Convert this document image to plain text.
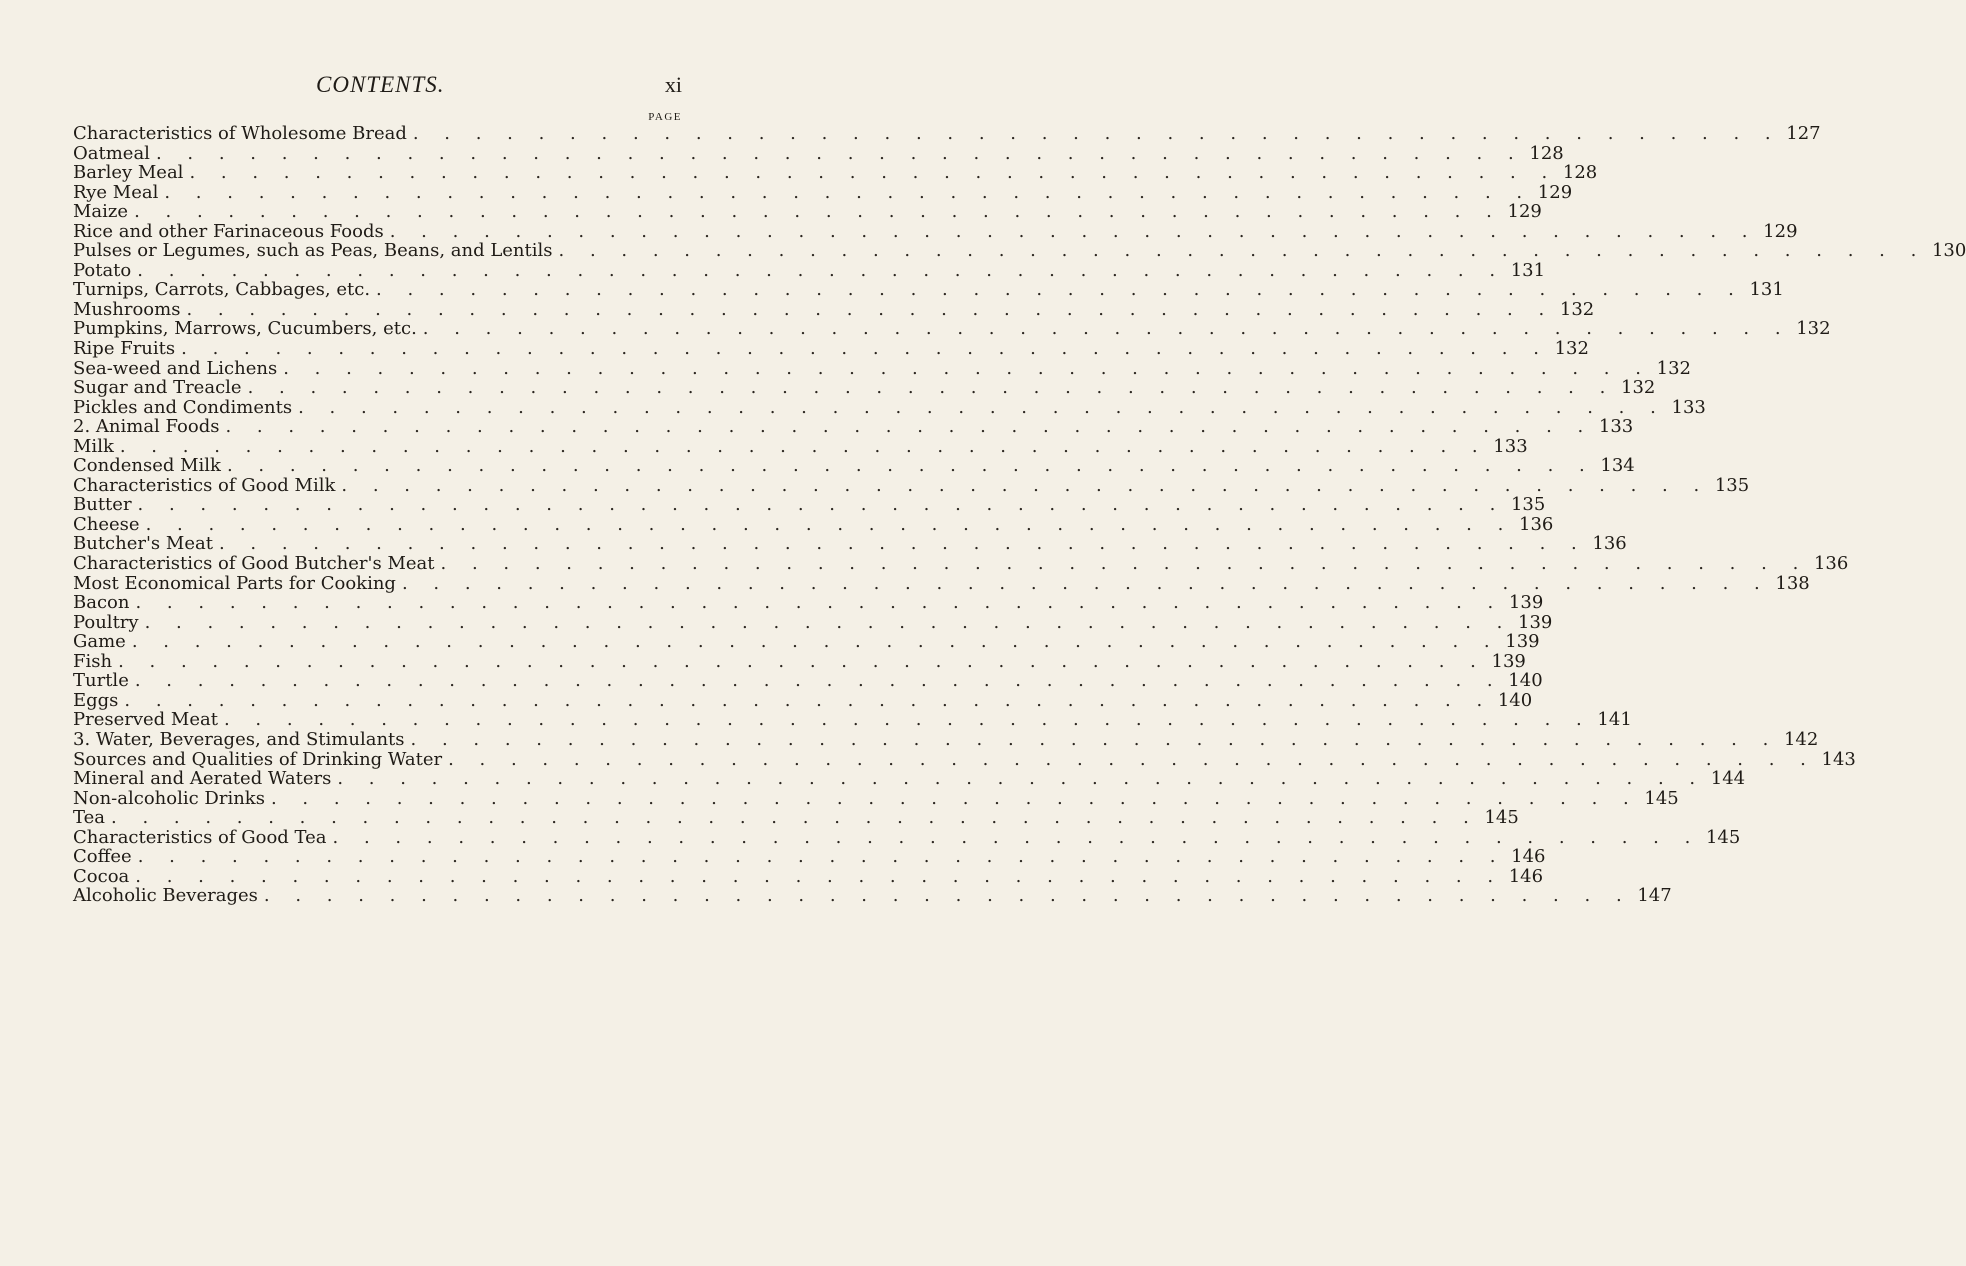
CONTENTS.	xi
PAGE
Characteristics of Wholesome Bread . . . . . . . . . . . . . . . . . . . . . . . . . . . . . . . . . . . . . . . . . . . . 127
Oatmeal . . . . . . . . . . . . . . . . . . . . . . . . . . . . . . . . . . . . . . . . . . . . 128
Barley Meal . . . . . . . . . . . . . . . . . . . . . . . . . . . . . . . . . . . . . . . . . . . . 128
Rye Meal . . . . . . . . . . . . . . . . . . . . . . . . . . . . . . . . . . . . . . . . . . . . 129
Maize . . . . . . . . . . . . . . . . . . . . . . . . . . . . . . . . . . . . . . . . . . . . 129
Rice and other Farinaceous Foods . . . . . . . . . . . . . . . . . . . . . . . . . . . . . . . . . . . . . . . . . . . . 129
Pulses or Legumes, such as Peas, Beans, and Lentils . . . . . . . . . . . . . . . . . . . . . . . . . . . . . . . . . . . . . . . . . . . . 130
Potato . . . . . . . . . . . . . . . . . . . . . . . . . . . . . . . . . . . . . . . . . . . . 131
Turnips, Carrots, Cabbages, etc. . . . . . . . . . . . . . . . . . . . . . . . . . . . . . . . . . . . . . . . . . . . . 131
Mushrooms . . . . . . . . . . . . . . . . . . . . . . . . . . . . . . . . . . . . . . . . . . . . 132
Pumpkins, Marrows, Cucumbers, etc. . . . . . . . . . . . . . . . . . . . . . . . . . . . . . . . . . . . . . . . . . . . . 132
Ripe Fruits . . . . . . . . . . . . . . . . . . . . . . . . . . . . . . . . . . . . . . . . . . . . 132
Sea-weed and Lichens . . . . . . . . . . . . . . . . . . . . . . . . . . . . . . . . . . . . . . . . . . . . 132
Sugar and Treacle . . . . . . . . . . . . . . . . . . . . . . . . . . . . . . . . . . . . . . . . . . . . 132
Pickles and Condiments . . . . . . . . . . . . . . . . . . . . . . . . . . . . . . . . . . . . . . . . . . . . 133
2. Animal Foods . . . . . . . . . . . . . . . . . . . . . . . . . . . . . . . . . . . . . . . . . . . . 133
Milk . . . . . . . . . . . . . . . . . . . . . . . . . . . . . . . . . . . . . . . . . . . . 133
Condensed Milk . . . . . . . . . . . . . . . . . . . . . . . . . . . . . . . . . . . . . . . . . . . . 134
Characteristics of Good Milk . . . . . . . . . . . . . . . . . . . . . . . . . . . . . . . . . . . . . . . . . . . . 135
Butter . . . . . . . . . . . . . . . . . . . . . . . . . . . . . . . . . . . . . . . . . . . . 135
Cheese . . . . . . . . . . . . . . . . . . . . . . . . . . . . . . . . . . . . . . . . . . . . 136
Butcher's Meat . . . . . . . . . . . . . . . . . . . . . . . . . . . . . . . . . . . . . . . . . . . . 136
Characteristics of Good Butcher's Meat . . . . . . . . . . . . . . . . . . . . . . . . . . . . . . . . . . . . . . . . . . . . 136
Most Economical Parts for Cooking . . . . . . . . . . . . . . . . . . . . . . . . . . . . . . . . . . . . . . . . . . . . 138
Bacon . . . . . . . . . . . . . . . . . . . . . . . . . . . . . . . . . . . . . . . . . . . . 139
Poultry . . . . . . . . . . . . . . . . . . . . . . . . . . . . . . . . . . . . . . . . . . . . 139
Game . . . . . . . . . . . . . . . . . . . . . . . . . . . . . . . . . . . . . . . . . . . . 139
Fish . . . . . . . . . . . . . . . . . . . . . . . . . . . . . . . . . . . . . . . . . . . . 139
Turtle . . . . . . . . . . . . . . . . . . . . . . . . . . . . . . . . . . . . . . . . . . . . 140
Eggs . . . . . . . . . . . . . . . . . . . . . . . . . . . . . . . . . . . . . . . . . . . . 140
Preserved Meat . . . . . . . . . . . . . . . . . . . . . . . . . . . . . . . . . . . . . . . . . . . . 141
3. Water, Beverages, and Stimulants . . . . . . . . . . . . . . . . . . . . . . . . . . . . . . . . . . . . . . . . . . . . 142
Sources and Qualities of Drinking Water . . . . . . . . . . . . . . . . . . . . . . . . . . . . . . . . . . . . . . . . . . . . 143
Mineral and Aerated Waters . . . . . . . . . . . . . . . . . . . . . . . . . . . . . . . . . . . . . . . . . . . . 144
Non-alcoholic Drinks . . . . . . . . . . . . . . . . . . . . . . . . . . . . . . . . . . . . . . . . . . . . 145
Tea . . . . . . . . . . . . . . . . . . . . . . . . . . . . . . . . . . . . . . . . . . . . 145
Characteristics of Good Tea . . . . . . . . . . . . . . . . . . . . . . . . . . . . . . . . . . . . . . . . . . . . 145
Coffee . . . . . . . . . . . . . . . . . . . . . . . . . . . . . . . . . . . . . . . . . . . . 146
Cocoa . . . . . . . . . . . . . . . . . . . . . . . . . . . . . . . . . . . . . . . . . . . . 146
Alcoholic Beverages . . . . . . . . . . . . . . . . . . . . . . . . . . . . . . . . . . . . . . . . . . . . 147
